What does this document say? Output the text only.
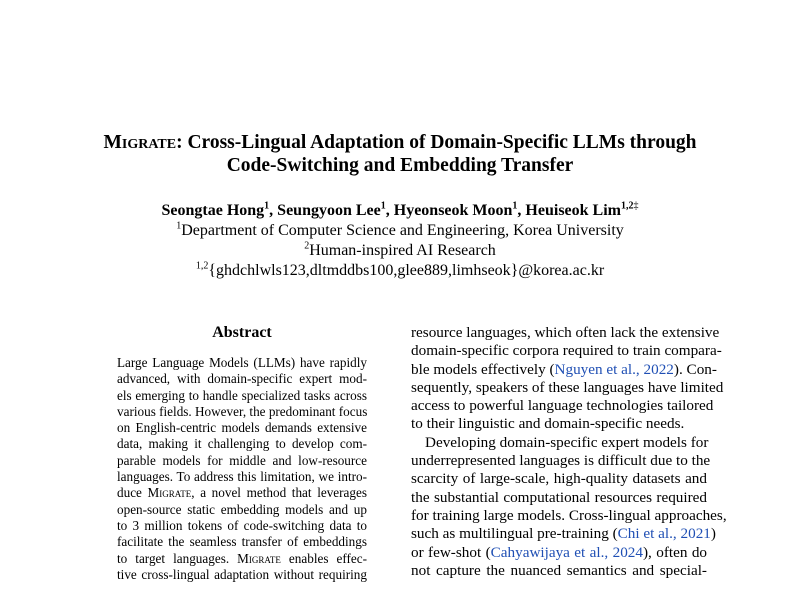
Migrate: Cross-Lingual Adaptation of Domain-Specific LLMs through
Code-Switching and Embedding Transfer
Seongtae Hong$^1$, Seungyoon Lee$^1$, Hyeonseok Moon$^1$, Heuiseok Lim$^{1,2\ddagger}$
$^1$Department of Computer Science and Engineering, Korea University
$^2$Human-inspired AI Research
$^{1,2}${ghdchlwls123,dltmddbs100,glee889,limhseok}@korea.ac.kr
Abstract
Large Language Models (LLMs) have rapidly
advanced, with domain-specific expert mod-
els emerging to handle specialized tasks across
various fields. However, the predominant focus
on English-centric models demands extensive
data, making it challenging to develop com-
parable models for middle and low-resource
languages. To address this limitation, we intro-
duce Migrate, a novel method that leverages
open-source static embedding models and up
to 3 million tokens of code-switching data to
facilitate the seamless transfer of embeddings
to target languages. Migrate enables effec-
tive cross-lingual adaptation without requiring
resource languages, which often lack the extensive
domain-specific corpora required to train compara-
ble models effectively (Nguyen et al., 2022). Con-
sequently, speakers of these languages have limited
access to powerful language technologies tailored
to their linguistic and domain-specific needs.
Developing domain-specific expert models for
underrepresented languages is difficult due to the
scarcity of large-scale, high-quality datasets and
the substantial computational resources required
for training large models. Cross-lingual approaches,
such as multilingual pre-training (Chi et al., 2021)
or few-shot (Cahyawijaya et al., 2024), often do
not capture the nuanced semantics and special-
